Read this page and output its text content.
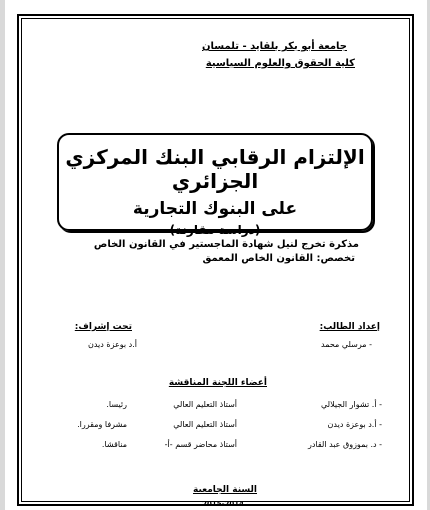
جامعة أبو بكر بلقايد - تلمسان
كلية الحقوق والعلوم السياسية
الإلتزام الرقابي البنك المركزي الجزائري
على البنوك التجارية
(دراسة مقارنة)
مذكرة تخرج لنيل شهادة الماجستير في القانون الخاص
تخصص: القانون الخاص المعمق
إعداد الطالب:
تحت إشراف:
- مرسلي محمد
أ.د بوعزة ديدن
أعضاء اللجنة المناقشة
- أ. تشوار الجيلالي
أستاذ التعليم العالي
رئيسا.
- أ.د بوعزة ديدن
أستاذ التعليم العالي
مشرفا ومقررا.
- د. بموزوق عبد القادر
أستاذ محاضر قسم -أ-
مناقشا.
السنة الجامعية
2015-2014
